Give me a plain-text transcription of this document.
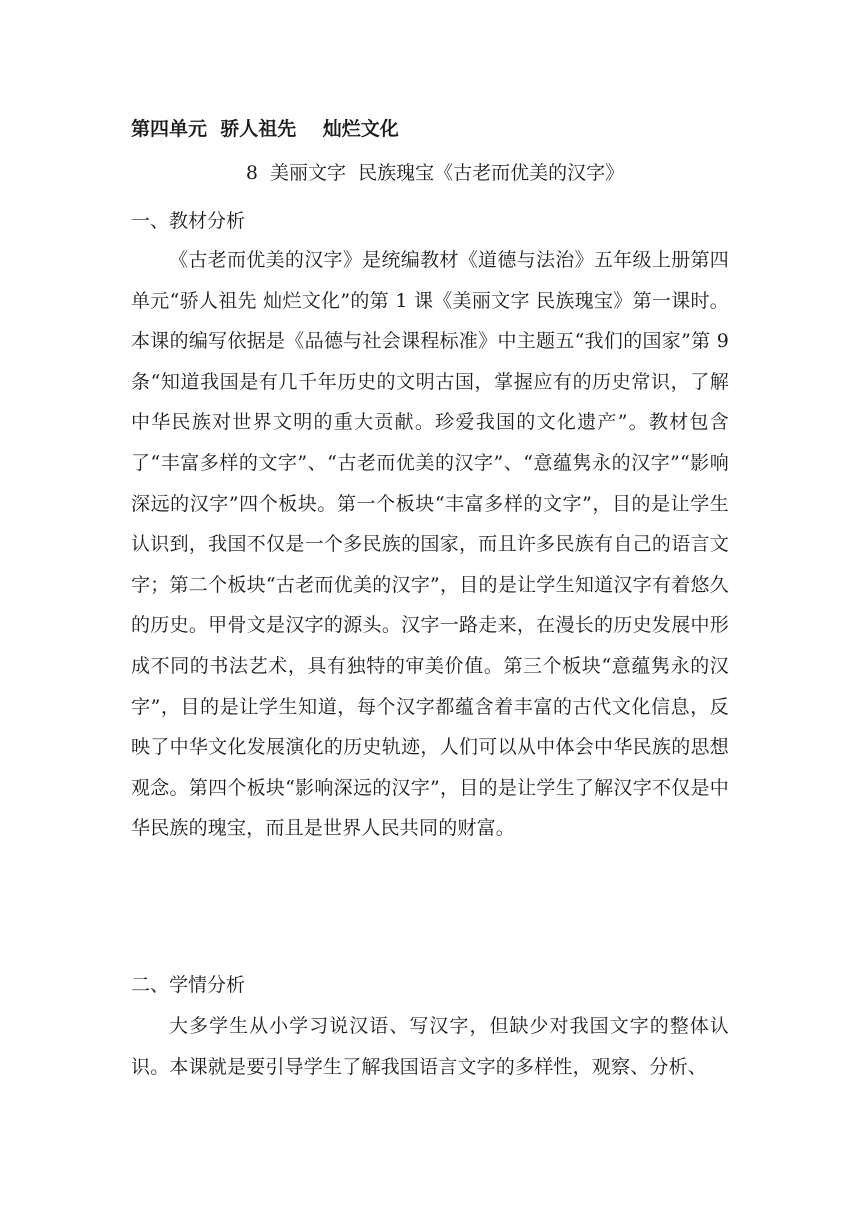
第四单元  骄人祖先    灿烂文化

8  美丽文字  民族瑰宝《古老而优美的汉字》

一、教材分析

《古老而优美的汉字》是统编教材《道德与法治》五年级上册第四单元“骄人祖先 灿烂文化”的第 1 课《美丽文字 民族瑰宝》第一课时。本课的编写依据是《品德与社会课程标准》中主题五“我们的国家”第 9 条“知道我国是有几千年历史的文明古国，掌握应有的历史常识，了解中华民族对世界文明的重大贡献。珍爱我国的文化遗产”。教材包含了“丰富多样的文字”、“古老而优美的汉字”、“意蕴隽永的汉字”“影响深远的汉字”四个板块。第一个板块“丰富多样的文字”，目的是让学生认识到，我国不仅是一个多民族的国家，而且许多民族有自己的语言文字；第二个板块“古老而优美的汉字”，目的是让学生知道汉字有着悠久的历史。甲骨文是汉字的源头。汉字一路走来，在漫长的历史发展中形成不同的书法艺术，具有独特的审美价值。第三个板块“意蕴隽永的汉字”，目的是让学生知道，每个汉字都蕴含着丰富的古代文化信息，反映了中华文化发展演化的历史轨迹，人们可以从中体会中华民族的思想观念。第四个板块“影响深远的汉字”，目的是让学生了解汉字不仅是中华民族的瑰宝，而且是世界人民共同的财富。

二、学情分析

大多学生从小学习说汉语、写汉字，但缺少对我国文字的整体认识。本课就是要引导学生了解我国语言文字的多样性，观察、分析、
